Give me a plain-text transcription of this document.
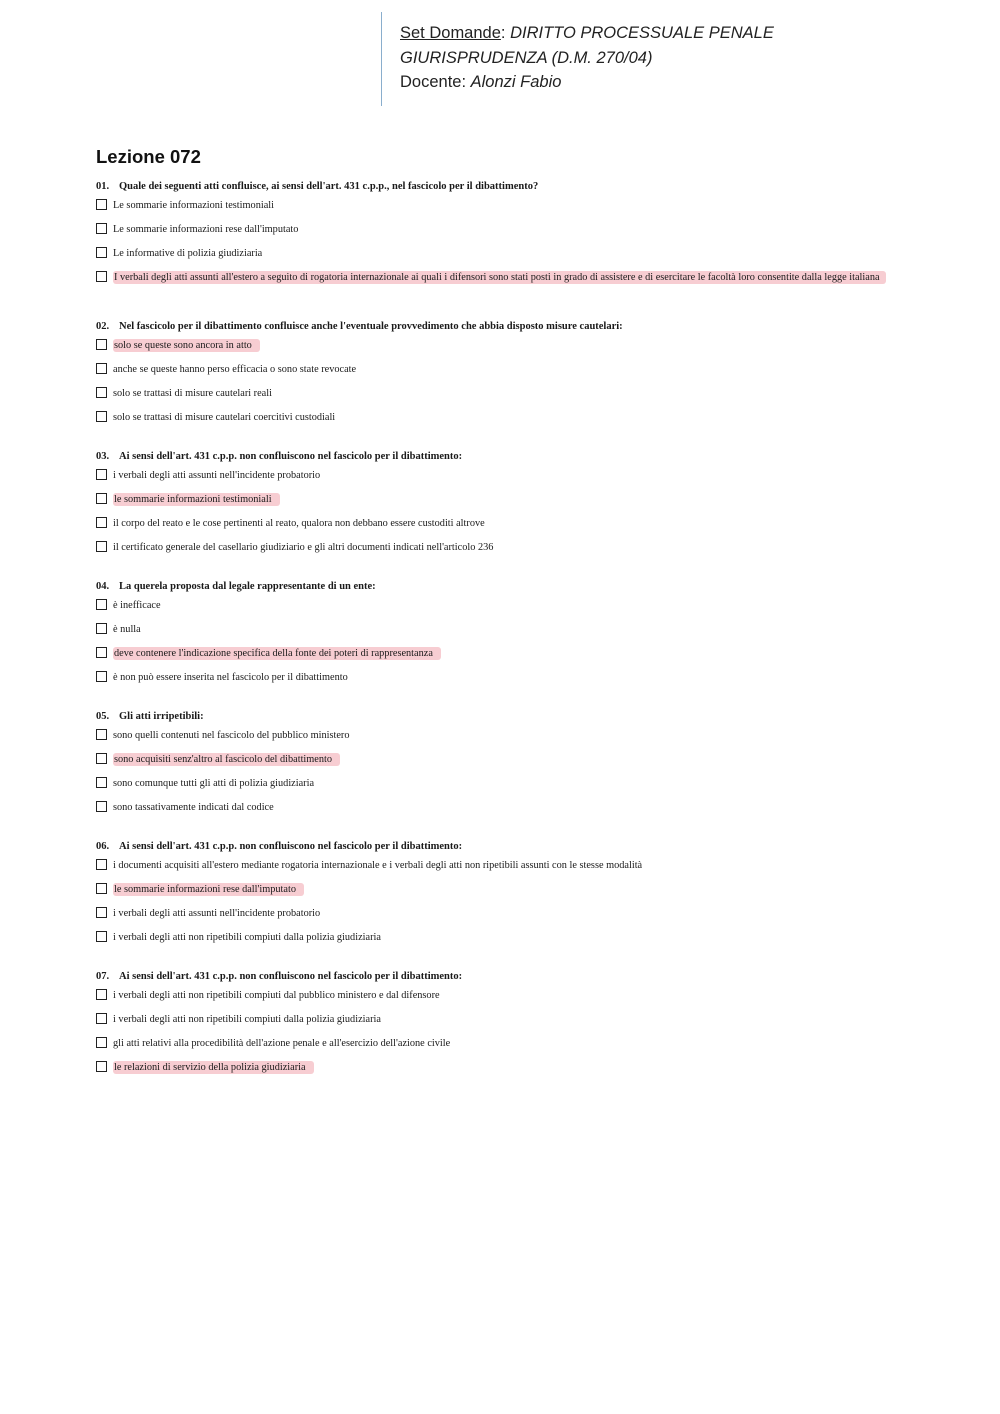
Set Domande: DIRITTO PROCESSUALE PENALE
GIURISPRUDENZA (D.M. 270/04)
Docente: Alonzi Fabio
Lezione 072

01. Quale dei seguenti atti confluisce, ai sensi dell'art. 431 c.p.p., nel fascicolo per il dibattimento?

Le sommarie informazioni testimoniali
Le sommarie informazioni rese dall'imputato
Le informative di polizia giudiziaria
I verbali degli atti assunti all'estero a seguito di rogatoria internazionale ai quali i difensori sono stati posti in grado di assistere e di esercitare le facoltà loro consentite dalla legge italiana

02. Nel fascicolo per il dibattimento confluisce anche l'eventuale provvedimento che abbia disposto misure cautelari:

solo se queste sono ancora in atto
anche se queste hanno perso efficacia o sono state revocate
solo se trattasi di misure cautelari reali
solo se trattasi di misure cautelari coercitivi custodiali

03. Ai sensi dell'art. 431 c.p.p. non confluiscono nel fascicolo per il dibattimento:

i verbali degli atti assunti nell'incidente probatorio
le sommarie informazioni testimoniali
il corpo del reato e le cose pertinenti al reato, qualora non debbano essere custoditi altrove
il certificato generale del casellario giudiziario e gli altri documenti indicati nell'articolo 236

04. La querela proposta dal legale rappresentante di un ente:

è inefficace
è nulla
deve contenere l'indicazione specifica della fonte dei poteri di rappresentanza
è non può essere inserita nel fascicolo per il dibattimento

05. Gli atti irripetibili:

sono quelli contenuti nel fascicolo del pubblico ministero
sono acquisiti senz'altro al fascicolo del dibattimento
sono comunque tutti gli atti di polizia giudiziaria
sono tassativamente indicati dal codice

06. Ai sensi dell'art. 431 c.p.p. non confluiscono nel fascicolo per il dibattimento:

i documenti acquisiti all'estero mediante rogatoria internazionale e i verbali degli atti non ripetibili assunti con le stesse modalità
le sommarie informazioni rese dall'imputato
i verbali degli atti assunti nell'incidente probatorio
i verbali degli atti non ripetibili compiuti dalla polizia giudiziaria

07. Ai sensi dell'art. 431 c.p.p. non confluiscono nel fascicolo per il dibattimento:

i verbali degli atti non ripetibili compiuti dal pubblico ministero e dal difensore
i verbali degli atti non ripetibili compiuti dalla polizia giudiziaria
gli atti relativi alla procedibilità dell'azione penale e all'esercizio dell'azione civile
le relazioni di servizio della polizia giudiziaria
